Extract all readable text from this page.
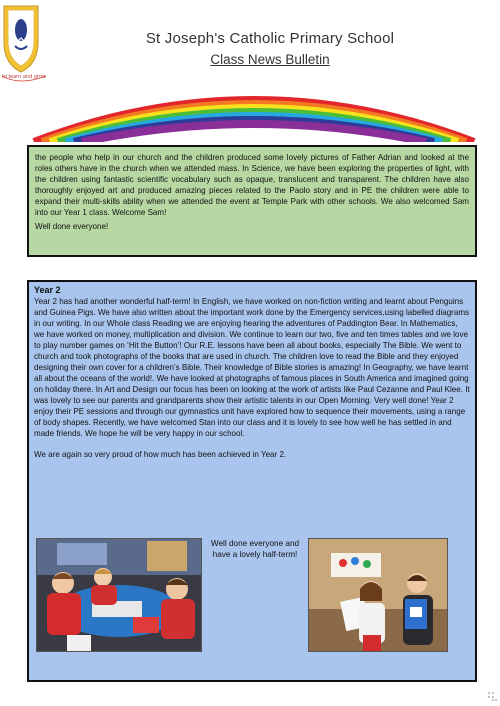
to learn and grow
St Joseph's Catholic Primary School
Class News Bulletin

the people who help in our church and the children produced some lovely pictures of Father Adrian and looked at the roles others have in the church when we attended mass. In Science, we have been exploring the properties of light, with the children using fantastic scientific vocabulary such as opaque, translucent and transparent. The children have also thoroughly enjoyed art and produced amazing pieces related to the Paolo story and in PE the children were able to expand their multi-skills ability when we attended the event at Temple Park with other schools. We also welcomed Sam into our Year 1 class. Welcome Sam!

Well done everyone!

Year 2

Year 2 has had another wonderful half-term! In English, we have worked on non-fiction writing and learnt about Penguins and Guinea Pigs. We have also written about the important work done by the Emergency services,using labelled diagrams in our writing. In our Whole class Reading we are enjoying hearing the adventures of Paddington Bear. In Mathematics, we have worked on money, multiplication and division. We continue to learn our two, five and ten times tables and we love to play number games on ‘Hit the Button’! Our R.E. lessons have been all about books, especially The Bible. We went to church and took photographs of the books that are used in church. The children love to read the Bible and they enjoyed designing their own cover for a children’s Bible. Their knowledge of Bible stories is amazing! In Geography, we have learnt all about the oceans of the world!. We have looked at photographs of famous places in South America and imagined going on holiday there. In Art and Design our focus has been on looking at the work of artists like Paul Cezanne and Paul Klee. It was lovely to see our parents and grandparents show their artistic talents in our Open Morning. Very well done! Year 2 enjoy their PE sessions and through our gymnastics unit have explored how to sequence their movements, using a range of body shapes. Recently, we have welcomed Stan into our class and it is lovely to see how well he has settled in and made friends. We hope he will be very happy in our school.

We are again so very proud of how much has been achieved in Year 2.

Well done everyone and have a lovely half-term!
